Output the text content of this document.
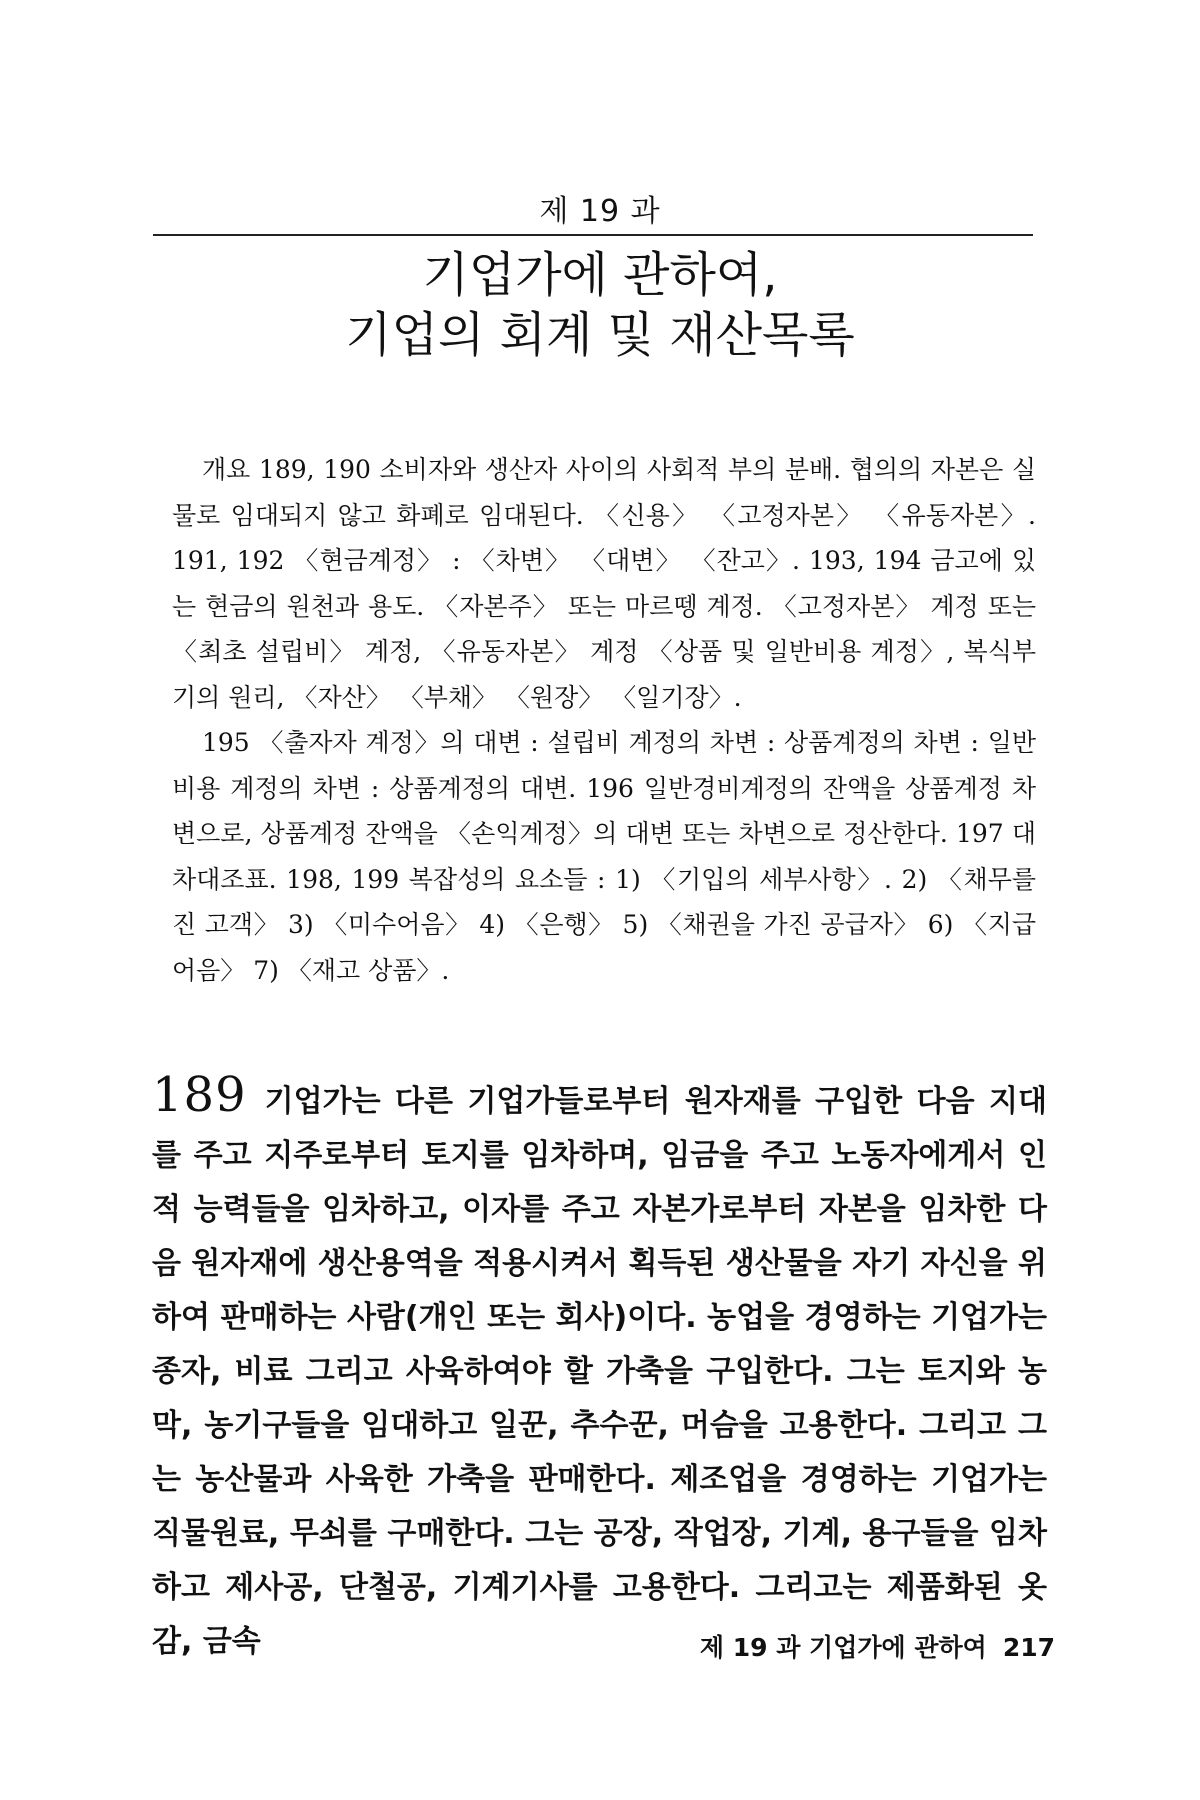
제 19 과
기업가에 관하여,
기업의 회계 및 재산목록

개요 189, 190 소비자와 생산자 사이의 사회적 부의 분배. 협의의 자본은 실물로 임대되지 않고 화폐로 임대된다. 〈신용〉 〈고정자본〉 〈유동자본〉. 191, 192 〈현금계정〉 : 〈차변〉 〈대변〉 〈잔고〉. 193, 194 금고에 있는 현금의 원천과 용도. 〈자본주〉 또는 마르뗑 계정. 〈고정자본〉 계정 또는 〈최초 설립비〉 계정, 〈유동자본〉 계정 〈상품 및 일반비용 계정〉, 복식부기의 원리, 〈자산〉 〈부채〉 〈원장〉 〈일기장〉.

195 〈출자자 계정〉의 대변 : 설립비 계정의 차변 : 상품계정의 차변 : 일반비용 계정의 차변 : 상품계정의 대변. 196 일반경비계정의 잔액을 상품계정 차변으로, 상품계정 잔액을 〈손익계정〉의 대변 또는 차변으로 정산한다. 197 대차대조표. 198, 199 복잡성의 요소들 : 1) 〈기입의 세부사항〉. 2) 〈채무를 진 고객〉 3) 〈미수어음〉 4) 〈은행〉 5) 〈채권을 가진 공급자〉 6) 〈지급 어음〉 7) 〈재고 상품〉.

189 기업가는 다른 기업가들로부터 원자재를 구입한 다음 지대를 주고 지주로부터 토지를 임차하며, 임금을 주고 노동자에게서 인적 능력들을 임차하고, 이자를 주고 자본가로부터 자본을 임차한 다음 원자재에 생산용역을 적용시켜서 획득된 생산물을 자기 자신을 위하여 판매하는 사람(개인 또는 회사)이다. 농업을 경영하는 기업가는 종자, 비료 그리고 사육하여야 할 가축을 구입한다. 그는 토지와 농막, 농기구들을 임대하고 일꾼, 추수꾼, 머슴을 고용한다. 그리고 그는 농산물과 사육한 가축을 판매한다. 제조업을 경영하는 기업가는 직물원료, 무쇠를 구매한다. 그는 공장, 작업장, 기계, 용구들을 임차하고 제사공, 단철공, 기계기사를 고용한다. 그리고는 제품화된 옷감, 금속	제 19 과 기업가에 관하여 217
